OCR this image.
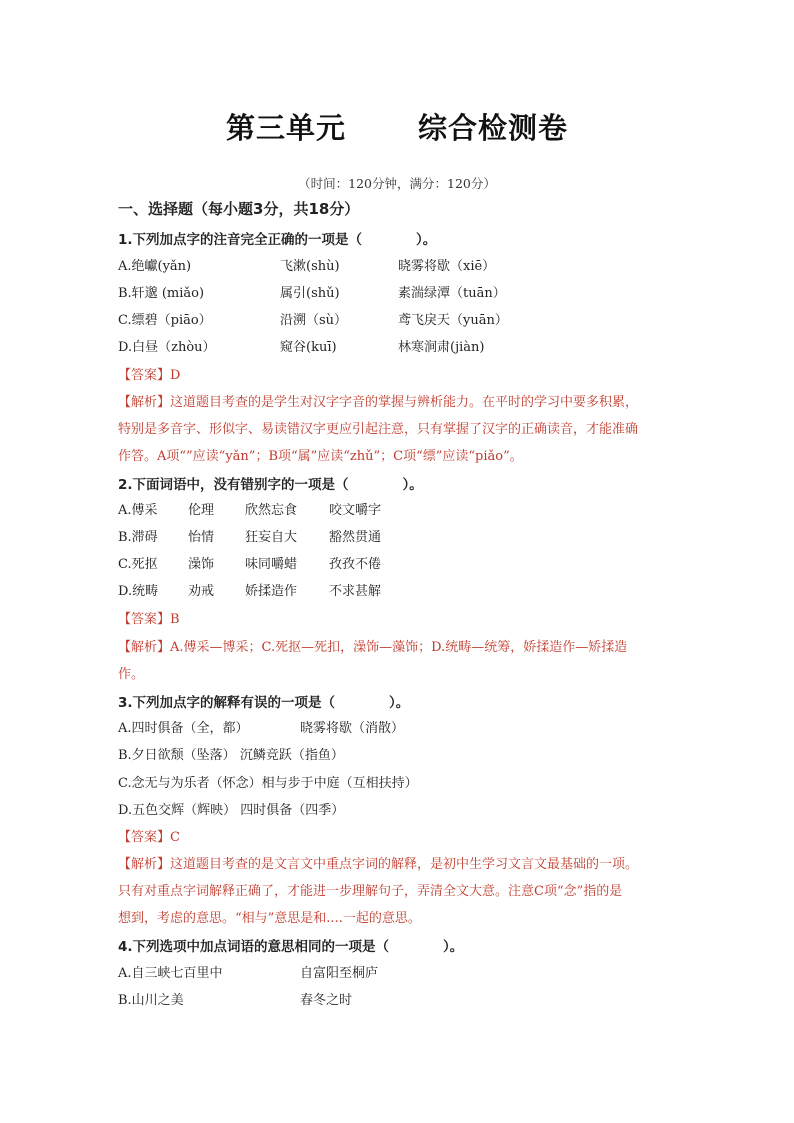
第三单元 综合检测卷
（时间：120分钟，满分：120分）
一、选择题（每小题3分，共18分）
1.下列加点字的注音完全正确的一项是（　　　　）。
A.绝巘(yǎn)	飞漱(shù)	晓雾将歇（xiē）
B.轩邈 (miǎo)	属引(shǔ)	素湍绿潭（tuān）
C.缥碧（piāo）	沿溯（sù）	鸢飞戾天（yuān）
D.白昼（zhòu）	窥谷(kuī)	林寒涧肃(jiàn)
【答案】D
【解析】这道题目考查的是学生对汉字字音的掌握与辨析能力。在平时的学习中要多积累，
特别是多音字、形似字、易读错汉字更应引起注意，只有掌握了汉字的正确读音，才能准确
作答。A项“”应读“yǎn”；B项“属”应读“zhǔ”；C项“缥”应读“piǎo”。
2.下面词语中，没有错别字的一项是（　　　　）。
A.傅采 伦理 欣然忘食 咬文嚼字
B.滞碍 怡情 狂妄自大 豁然贯通
C.死抠 澡饰 味同嚼蜡 孜孜不倦
D.统畴 劝戒 娇揉造作 不求甚解
【答案】B
【解析】A.傅采—博采；C.死抠—死扣，澡饰—藻饰；D.统畴—统筹，娇揉造作—矫揉造
作。
3.下列加点字的解释有误的一项是（　　　　）。
A.四时俱备（全，都）	晓雾将歇（消散）
B.夕日欲颓（坠落） 沉鳞竞跃（指鱼）
C.念无与为乐者（怀念）相与步于中庭（互相扶持）
D.五色交辉（辉映） 四时俱备（四季）
【答案】C
【解析】这道题目考查的是文言文中重点字词的解释，是初中生学习文言文最基础的一项。
只有对重点字词解释正确了，才能进一步理解句子，弄清全文大意。注意C项“念”指的是
想到，考虑的意思。“相与”意思是和....一起的意思。
4.下列选项中加点词语的意思相同的一项是（　　　　）。
A.自三峡七百里中	自富阳至桐庐
B.山川之美	春冬之时
